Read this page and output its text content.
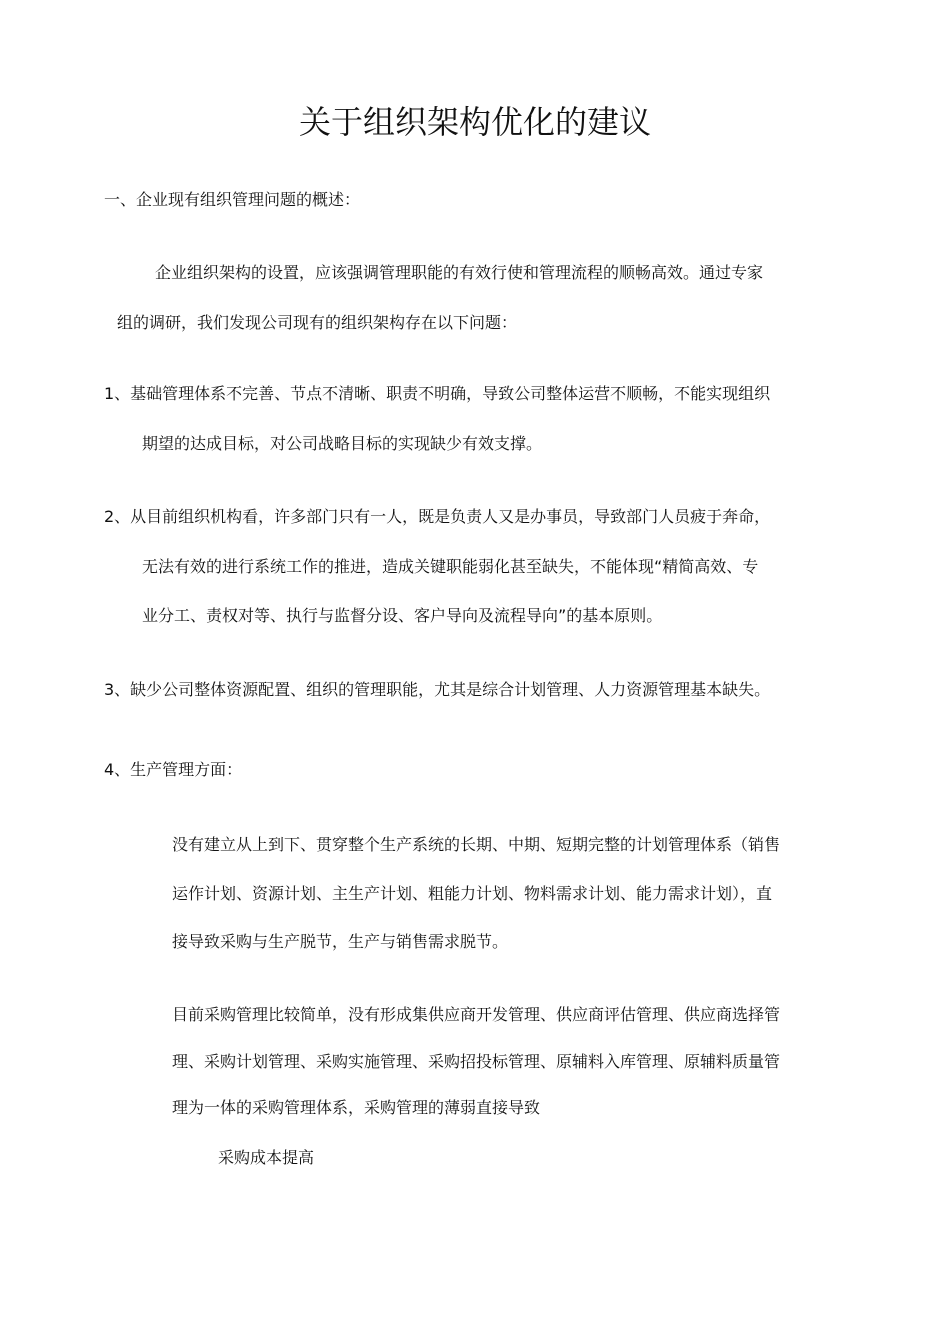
关于组织架构优化的建议
一、企业现有组织管理问题的概述：
企业组织架构的设置，应该强调管理职能的有效行使和管理流程的顺畅高效。通过专家
组的调研，我们发现公司现有的组织架构存在以下问题：
1、基础管理体系不完善、节点不清晰、职责不明确，导致公司整体运营不顺畅，不能实现组织
期望的达成目标，对公司战略目标的实现缺少有效支撑。
2、从目前组织机构看，许多部门只有一人，既是负责人又是办事员，导致部门人员疲于奔命，
无法有效的进行系统工作的推进，造成关键职能弱化甚至缺失，不能体现“精简高效、专
业分工、责权对等、执行与监督分设、客户导向及流程导向”的基本原则。
3、缺少公司整体资源配置、组织的管理职能，尤其是综合计划管理、人力资源管理基本缺失。
4、生产管理方面：
没有建立从上到下、贯穿整个生产系统的长期、中期、短期完整的计划管理体系（销售
运作计划、资源计划、主生产计划、粗能力计划、物料需求计划、能力需求计划），直
接导致采购与生产脱节，生产与销售需求脱节。
目前采购管理比较简单，没有形成集供应商开发管理、供应商评估管理、供应商选择管
理、采购计划管理、采购实施管理、采购招投标管理、原辅料入库管理、原辅料质量管
理为一体的采购管理体系，采购管理的薄弱直接导致
采购成本提高
